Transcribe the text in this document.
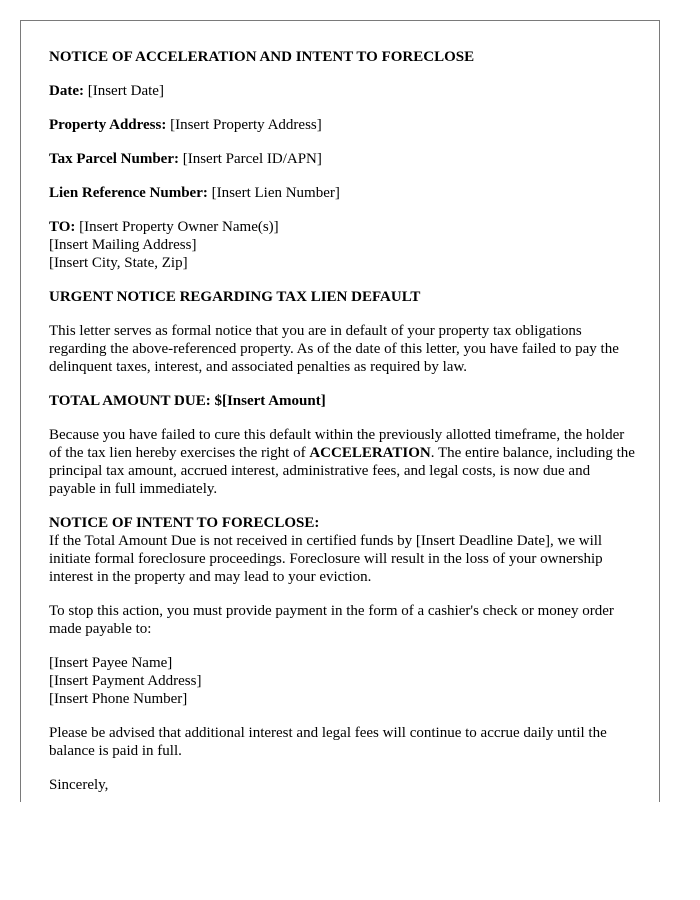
NOTICE OF ACCELERATION AND INTENT TO FORECLOSE
Date: [Insert Date]
Property Address: [Insert Property Address]
Tax Parcel Number: [Insert Parcel ID/APN]
Lien Reference Number: [Insert Lien Number]
TO: [Insert Property Owner Name(s)]
[Insert Mailing Address]
[Insert City, State, Zip]
URGENT NOTICE REGARDING TAX LIEN DEFAULT
This letter serves as formal notice that you are in default of your property tax obligations regarding the above-referenced property. As of the date of this letter, you have failed to pay the delinquent taxes, interest, and associated penalties as required by law.
TOTAL AMOUNT DUE: $[Insert Amount]
Because you have failed to cure this default within the previously allotted timeframe, the holder of the tax lien hereby exercises the right of ACCELERATION. The entire balance, including the principal tax amount, accrued interest, administrative fees, and legal costs, is now due and payable in full immediately.
NOTICE OF INTENT TO FORECLOSE:
If the Total Amount Due is not received in certified funds by [Insert Deadline Date], we will initiate formal foreclosure proceedings. Foreclosure will result in the loss of your ownership interest in the property and may lead to your eviction.
To stop this action, you must provide payment in the form of a cashier's check or money order made payable to:
[Insert Payee Name]
[Insert Payment Address]
[Insert Phone Number]
Please be advised that additional interest and legal fees will continue to accrue daily until the balance is paid in full.
Sincerely,
